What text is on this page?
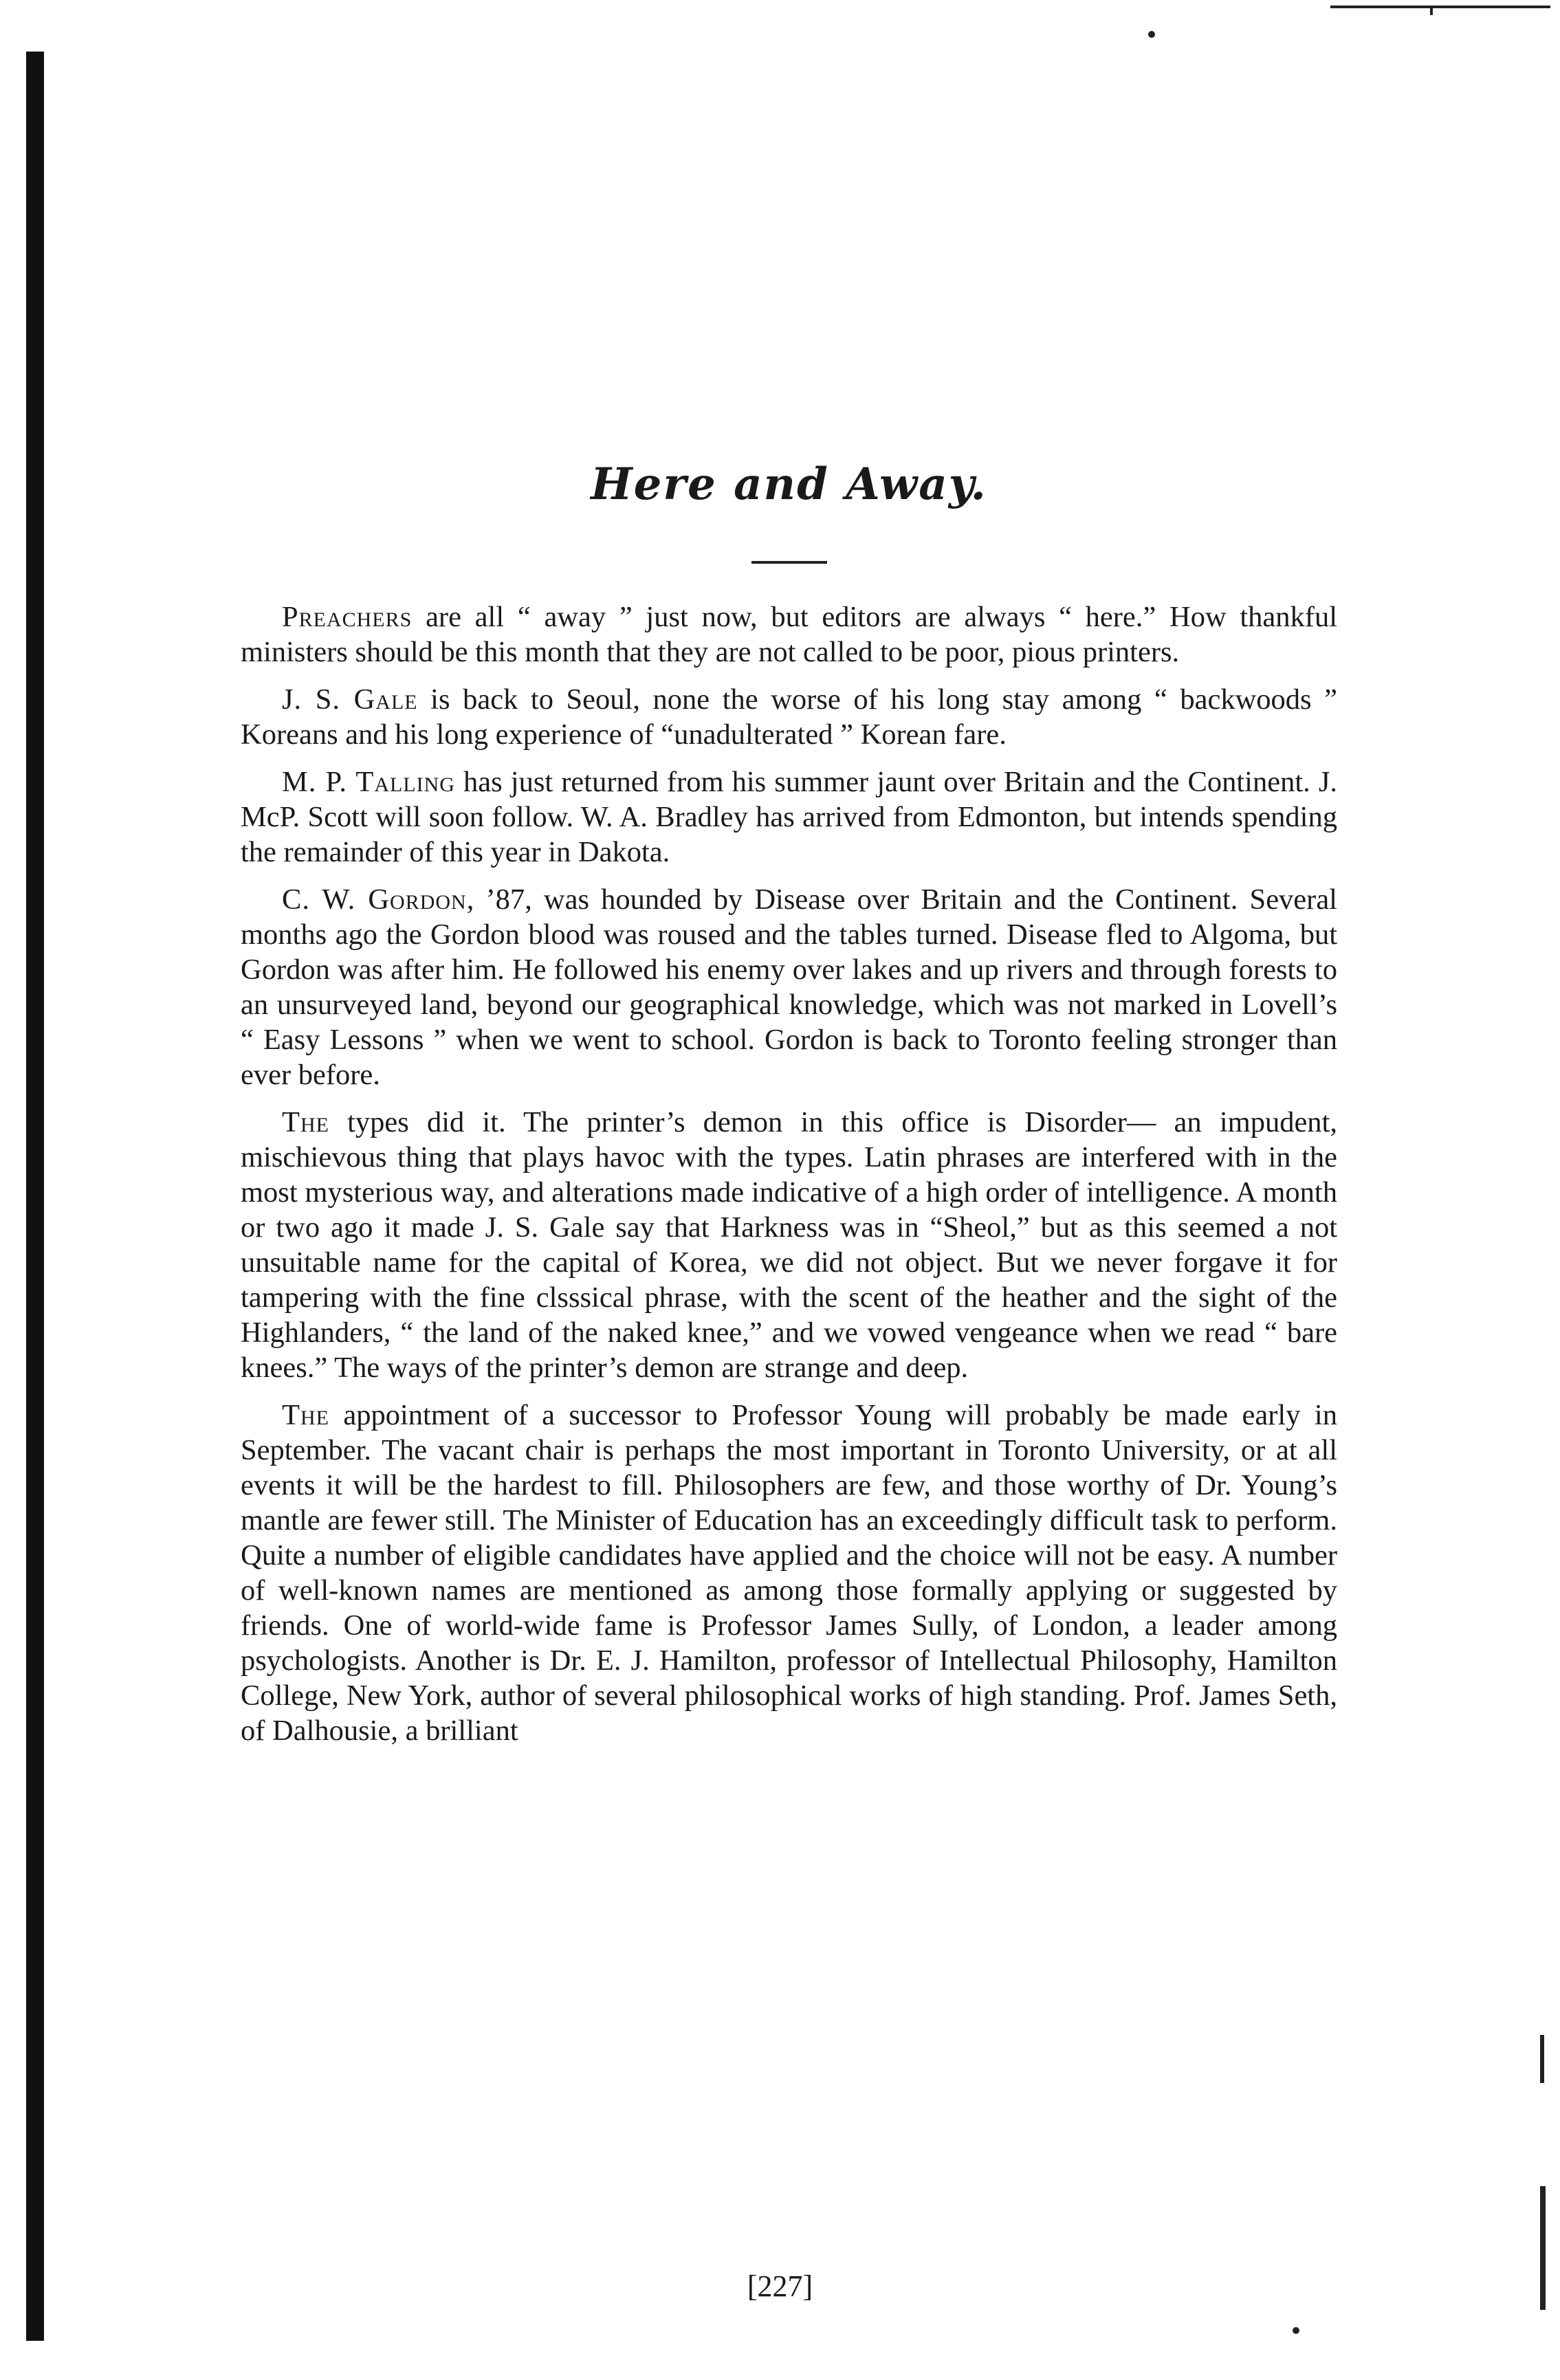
Here and Away.

Preachers are all “ away ” just now, but editors are always “ here.” How thankful ministers should be this month that they are not called to be poor, pious printers.

J. S. Gale is back to Seoul, none the worse of his long stay among “ backwoods ” Koreans and his long experience of “unadulterated ” Korean fare.

M. P. Talling has just returned from his summer jaunt over Britain and the Continent. J. McP. Scott will soon follow. W. A. Bradley has arrived from Edmonton, but intends spending the remainder of this year in Dakota.

C. W. Gordon, ’87, was hounded by Disease over Britain and the Continent. Several months ago the Gordon blood was roused and the tables turned. Disease fled to Algoma, but Gordon was after him. He followed his enemy over lakes and up rivers and through forests to an unsurveyed land, beyond our geographical knowledge, which was not marked in Lovell’s “ Easy Lessons ” when we went to school. Gordon is back to Toronto feeling stronger than ever before.

The types did it. The printer’s demon in this office is Disorder— an impudent, mischievous thing that plays havoc with the types. Latin phrases are interfered with in the most mysterious way, and alterations made indicative of a high order of intelligence. A month or two ago it made J. S. Gale say that Harkness was in “Sheol,” but as this seemed a not unsuitable name for the capital of Korea, we did not object. But we never forgave it for tampering with the fine clsssical phrase, with the scent of the heather and the sight of the Highlanders, “ the land of the naked knee,” and we vowed vengeance when we read “ bare knees.” The ways of the printer’s demon are strange and deep.

The appointment of a successor to Professor Young will probably be made early in September. The vacant chair is perhaps the most important in Toronto University, or at all events it will be the hardest to fill. Philosophers are few, and those worthy of Dr. Young’s mantle are fewer still. The Minister of Education has an exceedingly difficult task to perform. Quite a number of eligible candidates have applied and the choice will not be easy. A number of well-known names are mentioned as among those formally applying or suggested by friends. One of world-wide fame is Professor James Sully, of London, a leader among psychologists. Another is Dr. E. J. Hamilton, professor of Intellectual Philosophy, Hamilton College, New York, author of several philosophical works of high standing. Prof. James Seth, of Dalhousie, a brilliant

[227]
